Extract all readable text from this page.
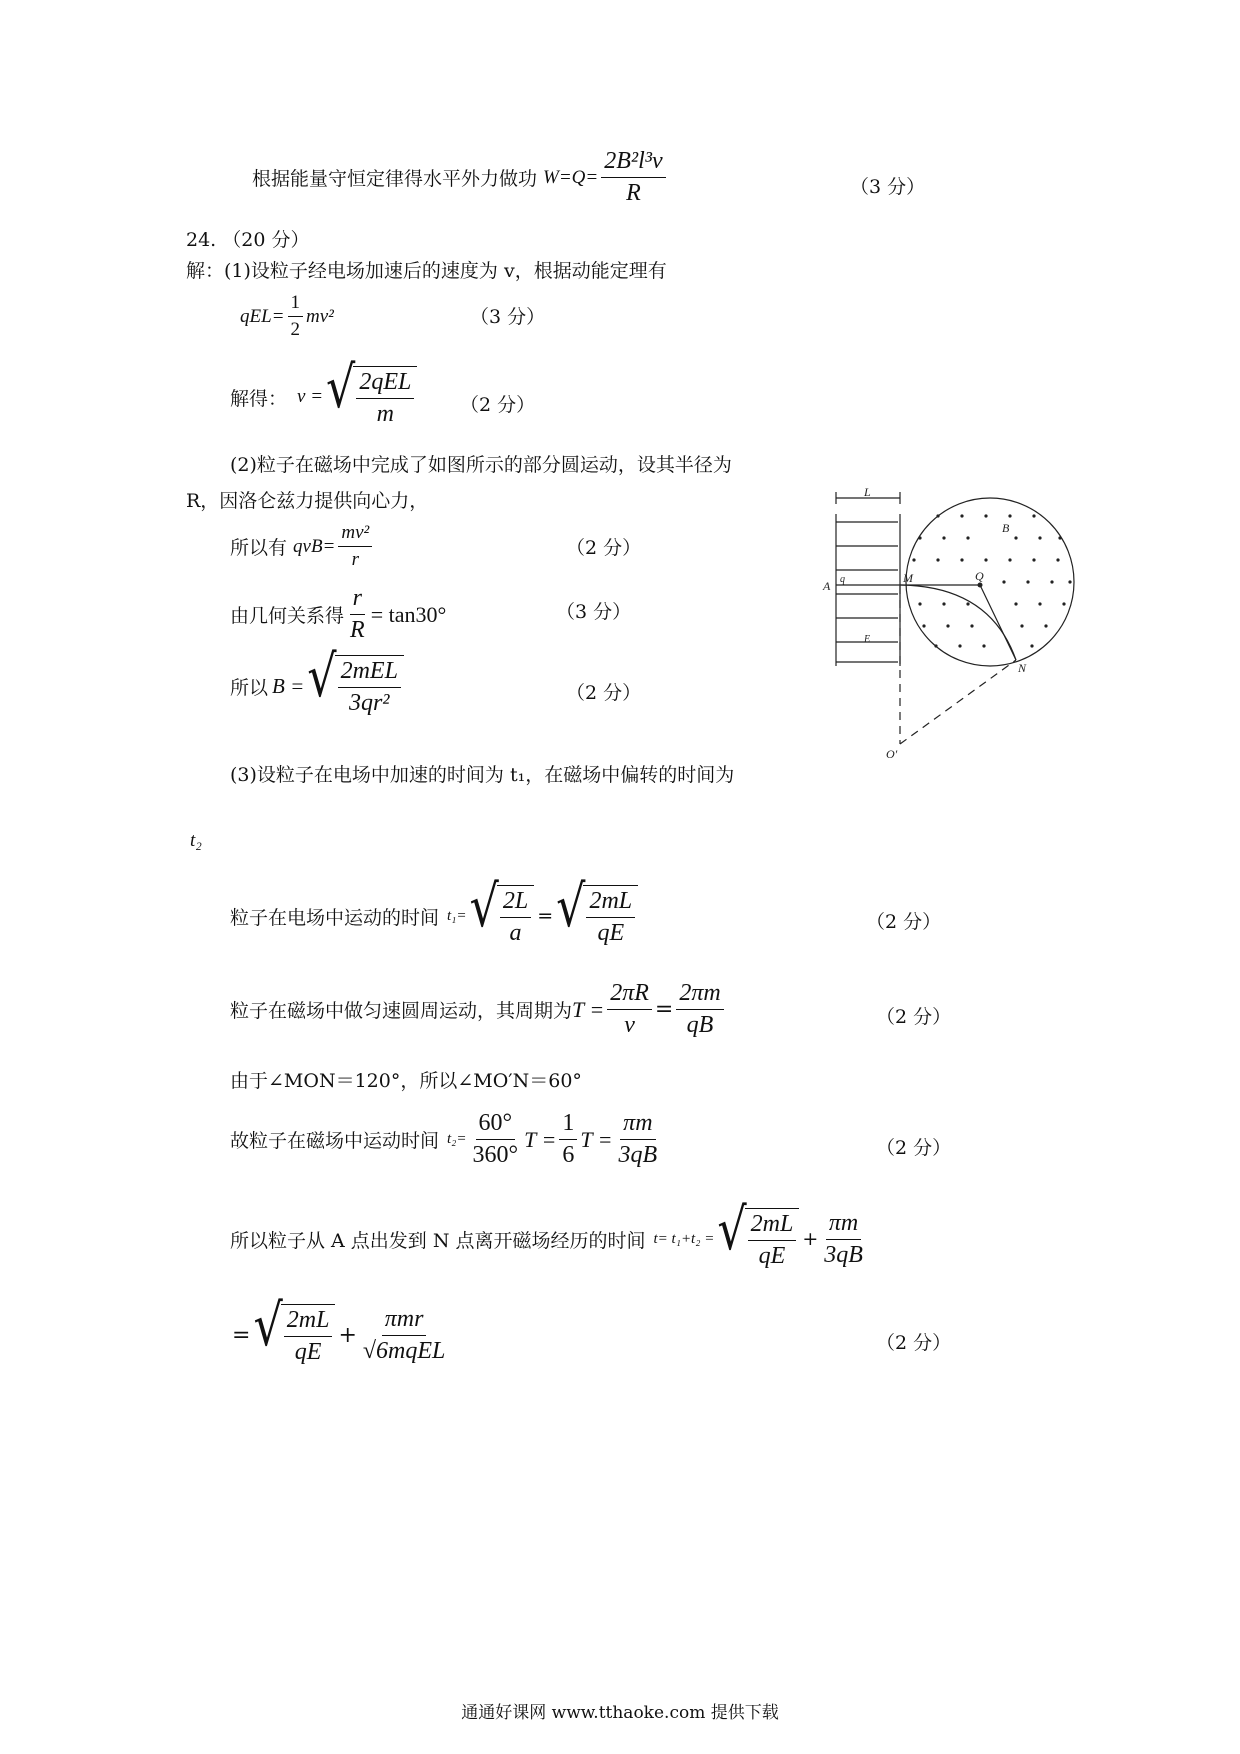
根据能量守恒定律得水平外力做功 $W=Q= \frac{\text{2B²l³v}}{R}$	（3 分）
24. （20 分）
解：(1)设粒子经电场加速后的速度为 v，根据动能定理有
$qEL= \frac{1}{2} mv^2$	（3 分）
解得： v = √ $\frac{\text{2qEL}}{m} (2$ 分）
(2)粒子在磁场中完成了如图所示的部分圆运动，设其半径为
R，因洛仑兹力提供向心力，
所以有 $qvB= \frac{\text{mv²}}{r}$	（2 分）
由几何关系得 $\frac{r}{R} = \tan 30^\circ$	（3 分）
所以 B = √ $\frac{\text{2mEL}}{\text{3qr²}}$	（2 分）
(3)设粒子在电场中加速的时间为 t₁，在磁场中偏转的时间为
t₂
粒子在电场中运动的时间 t₁= √ $\frac{2L}{a}$ = √ $\frac{2mL}{qE}$	（2 分）
粒子在磁场中做匀速圆周运动，其周期为 $T = \frac{2\pi R}{v} = \frac{2\pi m}{qB}$	（2 分）
由于∠MON＝120°，所以∠MO′N＝60°
故粒子在磁场中运动时间 $t_2= \frac{60^\circ}{360^\circ}$ $T = \frac{1}{6}$ $T = \frac{\pi m}{3qB}$	（2 分）
所以粒子从 A 点出发到 N 点离开磁场经历的时间 t= t₁+t₂ = √ $\frac{2mL}{qE} + \frac{\pi m}{3qB}$
= √ $\frac{2mL}{qE} + \frac{\text{πmr}}{\text{√6mqEL}}$	（2 分）
L
B
A q	M	Q
E
N
O′
通通好课网 www.tthaoke.com 提供下载
